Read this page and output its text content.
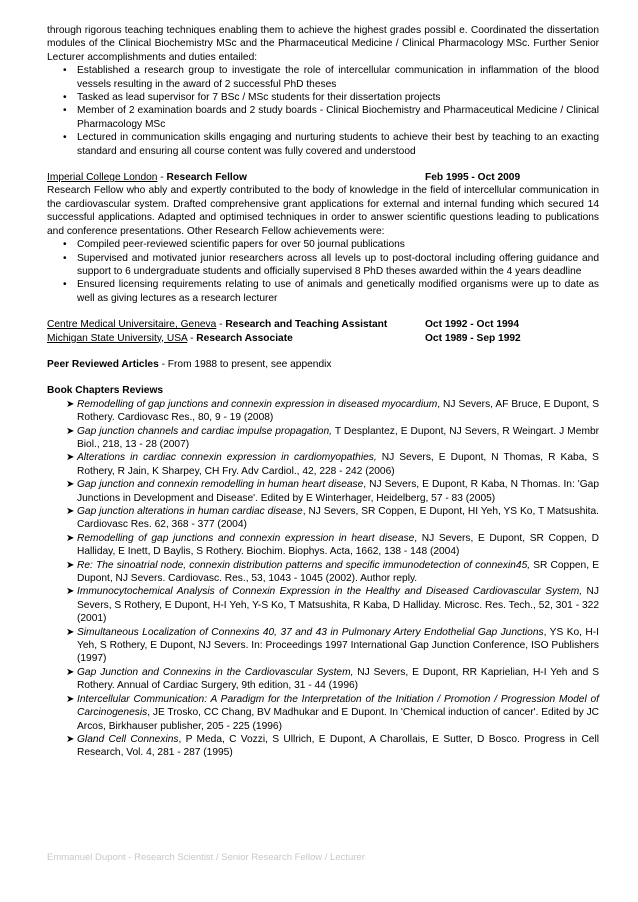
through rigorous teaching techniques enabling them to achieve the highest grades possibl e. Coordinated the dissertation modules of the Clinical Biochemistry MSc and the Pharmaceutical Medicine / Clinical Pharmacology MSc. Further Senior Lecturer accomplishments and duties entailed:

• Established a research group to investigate the role of intercellular communication in inflammation of the blood vessels resulting in the award of 2 successful PhD theses
• Tasked as lead supervisor for 7 BSc / MSc students for their dissertation projects
• Member of 2 examination boards and 2 study boards - Clinical Biochemistry and Pharmaceutical Medicine / Clinical Pharmacology MSc
• Lectured in communication skills engaging and nurturing students to achieve their best by teaching to an exacting standard and ensuring all course content was fully covered and understood
Imperial College London - Research Fellow	Feb 1995 - Oct 2009

Research Fellow who ably and expertly contributed to the body of knowledge in the field of intercellular communication in the cardiovascular system. Drafted comprehensive grant applications for external and internal funding which secured 14 successful applications. Adapted and optimised techniques in order to answer scientific questions leading to publications and conference presentations. Other Research Fellow achievements were:

• Compiled peer-reviewed scientific papers for over 50 journal publications
• Supervised and motivated junior researchers across all levels up to post-doctoral including offering guidance and support to 6 undergraduate students and officially supervised 8 PhD theses awarded within the 4 years deadline
• Ensured licensing requirements relating to use of animals and genetically modified organisms were up to date as well as giving lectures as a research lecturer
Centre Medical Universitaire, Geneva - Research and Teaching Assistant	Oct 1992 - Oct 1994
Michigan State University, USA - Research Associate	Oct 1989 - Sep 1992

Peer Reviewed Articles - From 1988 to present, see appendix

Book Chapters Reviews

➤ Remodelling of gap junctions and connexin expression in diseased myocardium, NJ Severs, AF Bruce, E Dupont, S Rothery. Cardiovasc Res., 80, 9 - 19 (2008)
➤ Gap junction channels and cardiac impulse propagation, T Desplantez, E Dupont, NJ Severs, R Weingart. J Membr Biol., 218, 13 - 28 (2007)
➤ Alterations in cardiac connexin expression in cardiomyopathies, NJ Severs, E Dupont, N Thomas, R Kaba, S Rothery, R Jain, K Sharpey, CH Fry. Adv Cardiol., 42, 228 - 242 (2006)
➤ Gap junction and connexin remodelling in human heart disease, NJ Severs, E Dupont, R Kaba, N Thomas. In: 'Gap Junctions in Development and Disease'. Edited by E Winterhager, Heidelberg, 57 - 83 (2005)
➤ Gap junction alterations in human cardiac disease, NJ Severs, SR Coppen, E Dupont, HI Yeh, YS Ko, T Matsushita. Cardiovasc Res. 62, 368 - 377 (2004)
➤ Remodelling of gap junctions and connexin expression in heart disease, NJ Severs, E Dupont, SR Coppen, D Halliday, E Inett, D Baylis, S Rothery. Biochim. Biophys. Acta, 1662, 138 - 148 (2004)
➤ Re: The sinoatrial node, connexin distribution patterns and specific immunodetection of connexin45, SR Coppen, E Dupont, NJ Severs. Cardiovasc. Res., 53, 1043 - 1045 (2002). Author reply.
➤ Immunocytochemical Analysis of Connexin Expression in the Healthy and Diseased Cardiovascular System, NJ Severs, S Rothery, E Dupont, H-I Yeh, Y-S Ko, T Matsushita, R Kaba, D Halliday. Microsc. Res. Tech., 52, 301 - 322 (2001)
➤ Simultaneous Localization of Connexins 40, 37 and 43 in Pulmonary Artery Endothelial Gap Junctions, YS Ko, H-I Yeh, S Rothery, E Dupont, NJ Severs. In: Proceedings 1997 International Gap Junction Conference, ISO Publishers (1997)
➤ Gap Junction and Connexins in the Cardiovascular System, NJ Severs, E Dupont, RR Kaprielian, H-I Yeh and S Rothery. Annual of Cardiac Surgery, 9th edition, 31 - 44 (1996)
➤ Intercellular Communication: A Paradigm for the Interpretation of the Initiation / Promotion / Progression Model of Carcinogenesis, JE Trosko, CC Chang, BV Madhukar and E Dupont. In 'Chemical induction of cancer'. Edited by JC Arcos, Birkhauser publisher, 205 - 225 (1996)
➤ Gland Cell Connexins, P Meda, C Vozzi, S Ullrich, E Dupont, A Charollais, E Sutter, D Bosco. Progress in Cell Research, Vol. 4, 281 - 287 (1995)
Emmanuel Dupont - Research Scientist / Senior Research Fellow / Lecturer
